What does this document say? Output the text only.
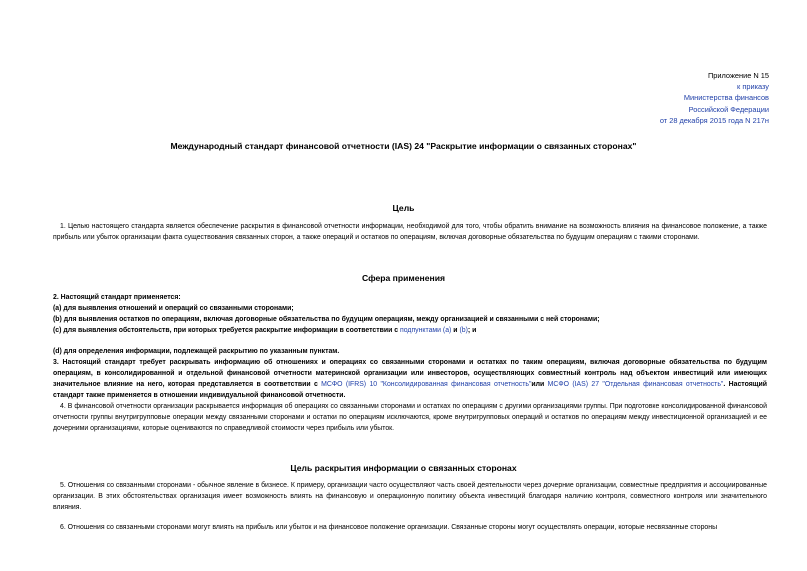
Приложение N 15
к приказу
Министерства финансов
Российской Федерации
от 28 декабря 2015 года N 217н
Международный стандарт финансовой отчетности (IAS) 24 "Раскрытие информации о связанных сторонах"
Цель
1. Целью настоящего стандарта является обеспечение раскрытия в финансовой отчетности информации, необходимой для того, чтобы обратить внимание на возможность влияния на финансовое положение, а также прибыль или убыток организации факта существования связанных сторон, а также операций и остатков по операциям, включая договорные обязательства по будущим операциям с такими сторонами.
Сфера применения
2. Настоящий стандарт применяется:
(a) для выявления отношений и операций со связанными сторонами;
(b) для выявления остатков по операциям, включая договорные обязательства по будущим операциям, между организацией и связанными с ней сторонами;
(c) для выявления обстоятельств, при которых требуется раскрытие информации в соответствии с подпунктами (a) и (b); и
(d) для определения информации, подлежащей раскрытию по указанным пунктам.
3. Настоящий стандарт требует раскрывать информацию об отношениях и операциях со связанными сторонами и остатках по таким операциям, включая договорные обязательства по будущим операциям, в консолидированной и отдельной финансовой отчетности материнской организации или инвесторов, осуществляющих совместный контроль над объектом инвестиций или имеющих значительное влияние на него, которая представляется в соответствии с МСФО (IFRS) 10 "Консолидированная финансовая отчетность"или МСФО (IAS) 27 "Отдельная финансовая отчетность". Настоящий стандарт также применяется в отношении индивидуальной финансовой отчетности.
4. В финансовой отчетности организации раскрывается информация об операциях со связанными сторонами и остатках по операциям с другими организациями группы. При подготовке консолидированной финансовой отчетности группы внутригрупповые операции между связанными сторонами и остатки по операциям исключаются, кроме внутригрупповых операций и остатков по операциям между инвестиционной организацией и ее дочерними организациями, которые оцениваются по справедливой стоимости через прибыль или убыток.
Цель раскрытия информации о связанных сторонах
5. Отношения со связанными сторонами - обычное явление в бизнесе. К примеру, организации часто осуществляют часть своей деятельности через дочерние организации, совместные предприятия и ассоциированные организации. В этих обстоятельствах организация имеет возможность влиять на финансовую и операционную политику объекта инвестиций благодаря наличию контроля, совместного контроля или значительного влияния.
6. Отношения со связанными сторонами могут влиять на прибыль или убыток и на финансовое положение организации. Связанные стороны могут осуществлять операции, которые несвязанные стороны
